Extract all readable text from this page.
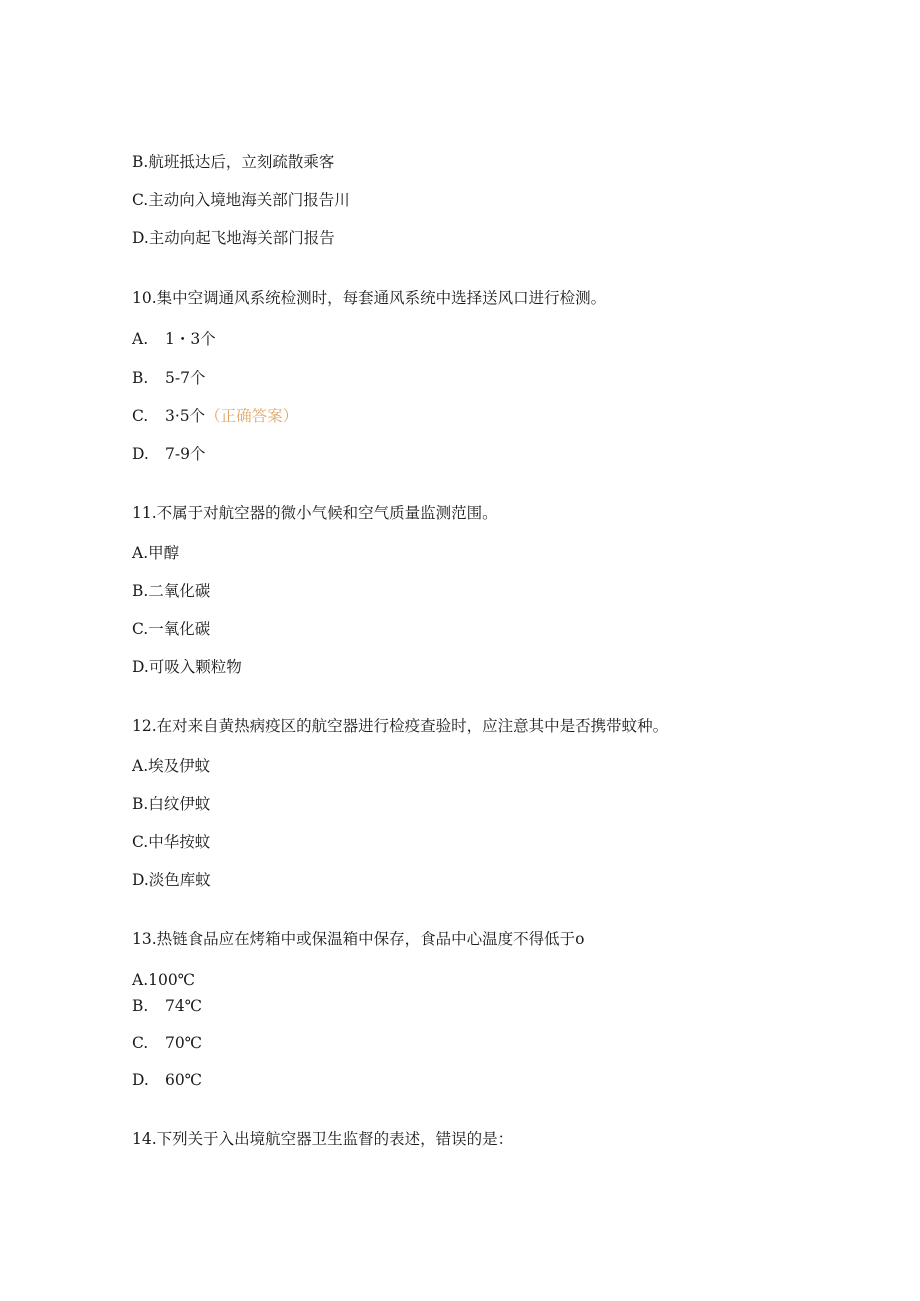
B.航班抵达后，立刻疏散乘客
C.主动向入境地海关部门报告川
D.主动向起飞地海关部门报告
10.集中空调通风系统检测时，每套通风系统中选择送风口进行检测。
A. 1・3个
B. 5-7个
C. 3·5个（正确答案）
D. 7-9个
11.不属于对航空器的微小气候和空气质量监测范围。
A.甲醇
B.二氧化碳
C.一氧化碳
D.可吸入颗粒物
12.在对来自黄热病疫区的航空器进行检疫查验时，应注意其中是否携带蚊种。
A.埃及伊蚊
B.白纹伊蚊
C.中华按蚊
D.淡色库蚊
13.热链食品应在烤箱中或保温箱中保存，食品中心温度不得低于o
A.100℃
B. 74℃
C. 70℃
D. 60℃
14.下列关于入出境航空器卫生监督的表述，错误的是：
